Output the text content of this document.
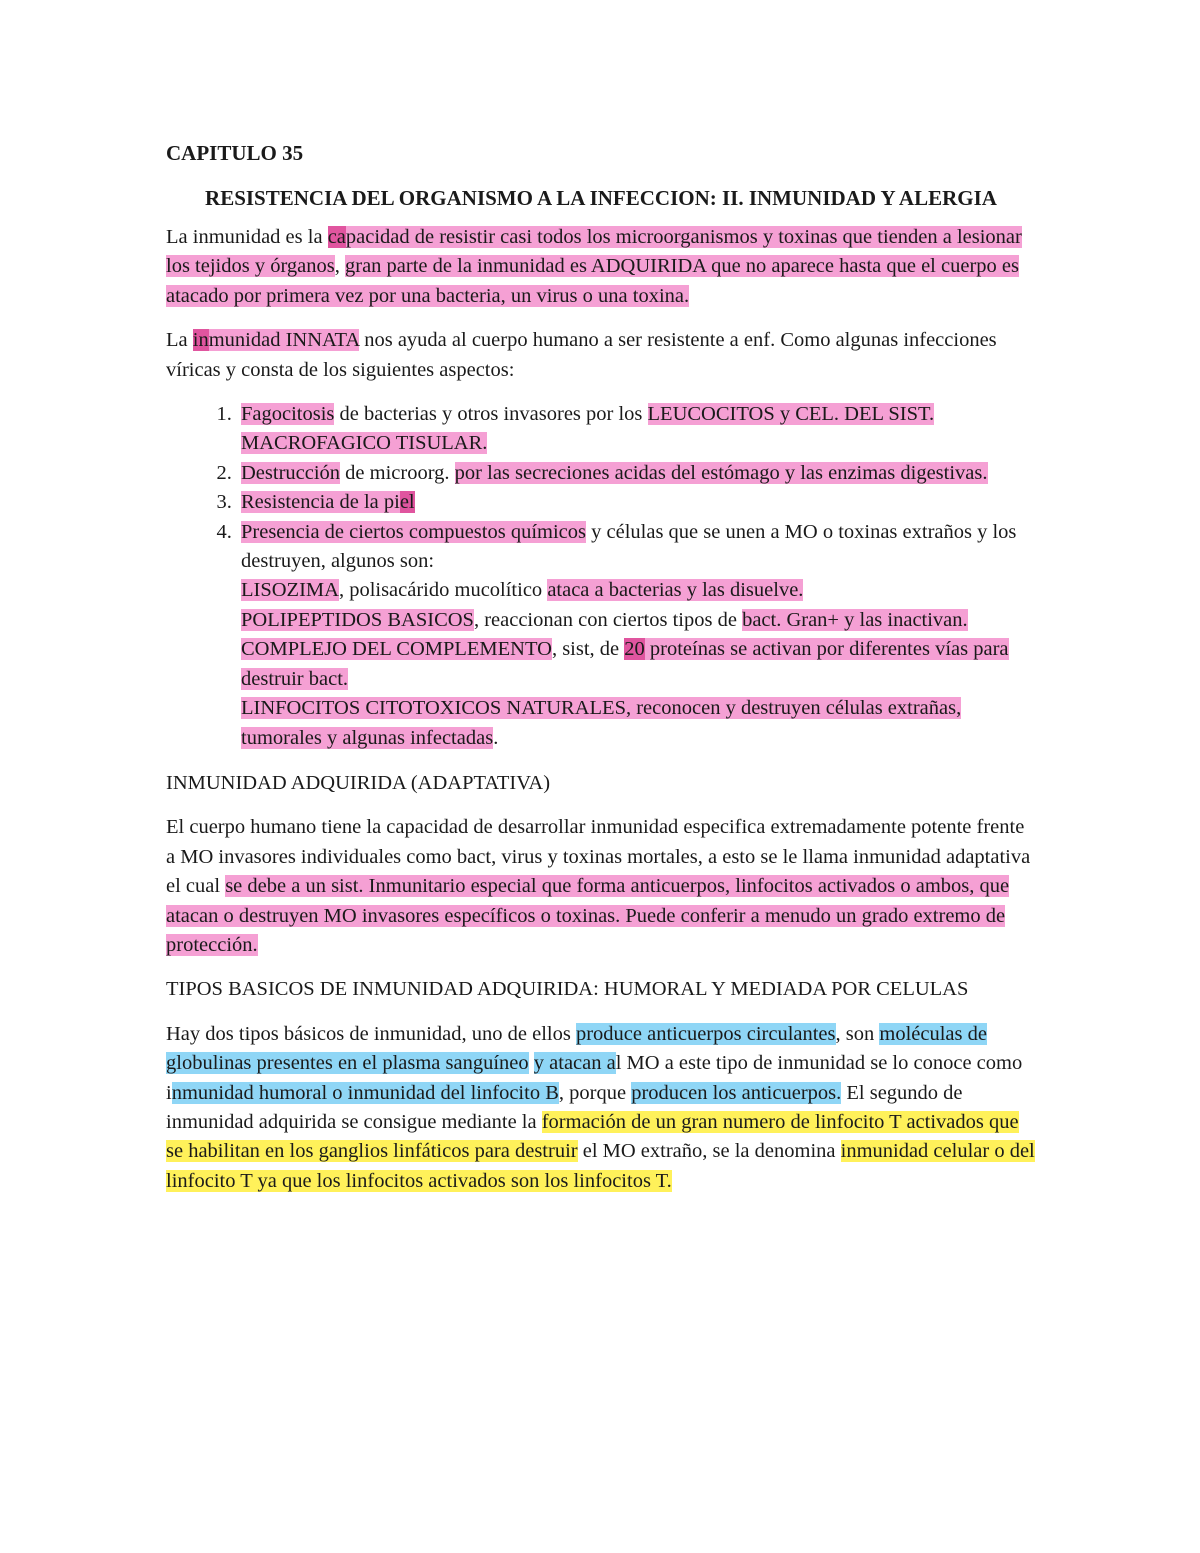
CAPITULO 35
RESISTENCIA DEL ORGANISMO A LA INFECCION: II. INMUNIDAD Y ALERGIA

La inmunidad es la capacidad de resistir casi todos los microorganismos y toxinas que tienden a lesionar los tejidos y órganos, gran parte de la inmunidad es ADQUIRIDA que no aparece hasta que el cuerpo es atacado por primera vez por una bacteria, un virus o una toxina.

La inmunidad INNATA nos ayuda al cuerpo humano a ser resistente a enf. Como algunas infecciones víricas y consta de los siguientes aspectos:

1. Fagocitosis de bacterias y otros invasores por los LEUCOCITOS y CEL. DEL SIST. MACROFAGICO TISULAR.
2. Destrucción de microorg. por las secreciones acidas del estómago y las enzimas digestivas.
3. Resistencia de la piel
4. Presencia de ciertos compuestos químicos y células que se unen a MO o toxinas extraños y los destruyen, algunos son:
LISOZIMA, polisacárido mucolítico ataca a bacterias y las disuelve.
POLIPEPTIDOS BASICOS, reaccionan con ciertos tipos de bact. Gran+ y las inactivan.
COMPLEJO DEL COMPLEMENTO, sist, de 20 proteínas se activan por diferentes vías para destruir bact.
LINFOCITOS CITOTOXICOS NATURALES, reconocen y destruyen células extrañas, tumorales y algunas infectadas.

INMUNIDAD ADQUIRIDA (ADAPTATIVA)

El cuerpo humano tiene la capacidad de desarrollar inmunidad especifica extremadamente potente frente a MO invasores individuales como bact, virus y toxinas mortales, a esto se le llama inmunidad adaptativa el cual se debe a un sist. Inmunitario especial que forma anticuerpos, linfocitos activados o ambos, que atacan o destruyen MO invasores específicos o toxinas. Puede conferir a menudo un grado extremo de protección.

TIPOS BASICOS DE INMUNIDAD ADQUIRIDA: HUMORAL Y MEDIADA POR CELULAS

Hay dos tipos básicos de inmunidad, uno de ellos produce anticuerpos circulantes, son moléculas de globulinas presentes en el plasma sanguíneo y atacan al MO a este tipo de inmunidad se lo conoce como inmunidad humoral o inmunidad del linfocito B, porque producen los anticuerpos. El segundo de inmunidad adquirida se consigue mediante la formación de un gran numero de linfocito T activados que se habilitan en los ganglios linfáticos para destruir el MO extraño, se la denomina inmunidad celular o del linfocito T ya que los linfocitos activados son los linfocitos T.
